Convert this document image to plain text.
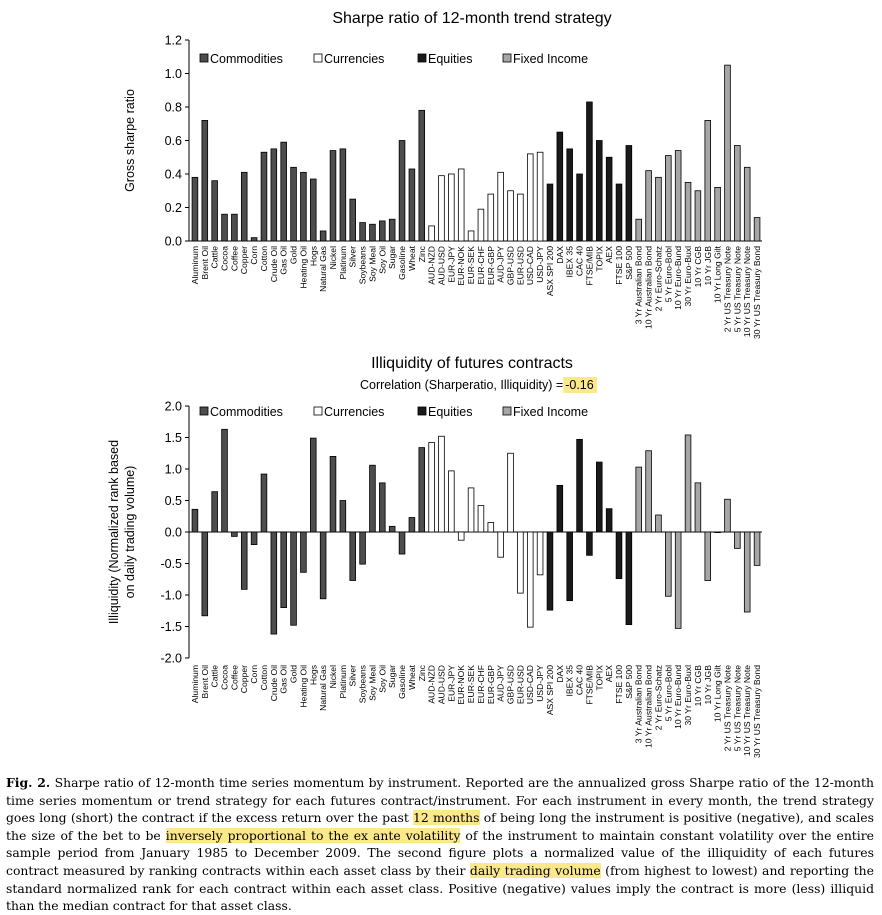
Sharpe ratio of 12-month trend strategy
Gross sharpe ratio
0.0
0.2
0.4
0.6
0.8
1.0
1.2
Aluminum Brent Oil Cattle Cocoa Coffee Copper Corn Cotton Crude Oil Gas Oil Gold Heating Oil Hogs Natural Gas Nickel Platinum Silver Soybeans Soy Meal Soy Oil Sugar Gasoline Wheat Zinc AUD-NZD AUD-USD EUR-JPY EUR-NOK EUR-SEK EUR-CHF EUR-GBP AUD-JPY GBP-USD EUR-USD USD-CAD USD-JPY ASX SPI 200 DAX IBEX 35 CAC 40 FTSE/MIB TOPIX AEX FTSE 100 S&P 500 3 Yr Australian Bond 10 Yr Australian Bond 2 Yr Euro-Schatz 5 Yr Euro-Bobl 10 Yr Euro-Bund 30 Yr Euro-Buxl 10 Yr CGB 10 Yr JGB 10 Yr Long Gilt 2 Yr US Treasury Note 5 Yr US Treasury Note 10 Yr US Treasury Note 30 Yr US Treasury Bond
Commodities	Currencies	Equities	Fixed Income
Illiquidity of futures contracts
Correlation (Sharperatio, Illiquidity) = -0.16
Illiquidity (Normalized rank based on daily trading volume)
-2.0
-1.5
-1.0
-0.5
0.0
0.5
1.0
1.5
2.0
Aluminum Brent Oil Cattle Cocoa Coffee Copper Corn Cotton Crude Oil Gas Oil Gold Heating Oil Hogs Natural Gas Nickel Platinum Silver Soybeans Soy Meal Soy Oil Sugar Gasoline Wheat Zinc AUD-NZD AUD-USD EUR-JPY EUR-NOK EUR-SEK EUR-CHF EUR-GBP AUD-JPY GBP-USD EUR-USD USD-CAD USD-JPY ASX SPI 200 DAX IBEX 35 CAC 40 FTSE/MIB TOPIX AEX FTSE 100 S&P 500 3 Yr Australian Bond 10 Yr Australian Bond 2 Yr Euro-Schatz 5 Yr Euro-Bobl 10 Yr Euro-Bund 30 Yr Euro-Buxl 10 Yr CGB 10 Yr JGB 10 Yr Long Gilt 2 Yr US Treasury Note 5 Yr US Treasury Note 10 Yr US Treasury Note 30 Yr US Treasury Bond
Commodities	Currencies	Equities	Fixed Income
Fig. 2. Sharpe ratio of 12-month time series momentum by instrument. Reported are the annualized gross Sharpe ratio of the 12-month time series momentum or trend strategy for each futures contract/instrument. For each instrument in every month, the trend strategy goes long (short) the contract if the excess return over the past 12 months of being long the instrument is positive (negative), and scales the size of the bet to be inversely proportional to the ex ante volatility of the instrument to maintain constant volatility over the entire sample period from January 1985 to December 2009. The second figure plots a normalized value of the illiquidity of each futures contract measured by ranking contracts within each asset class by their daily trading volume (from highest to lowest) and reporting the standard normalized rank for each contract within each asset class. Positive (negative) values imply the contract is more (less) illiquid than the median contract for that asset class.
